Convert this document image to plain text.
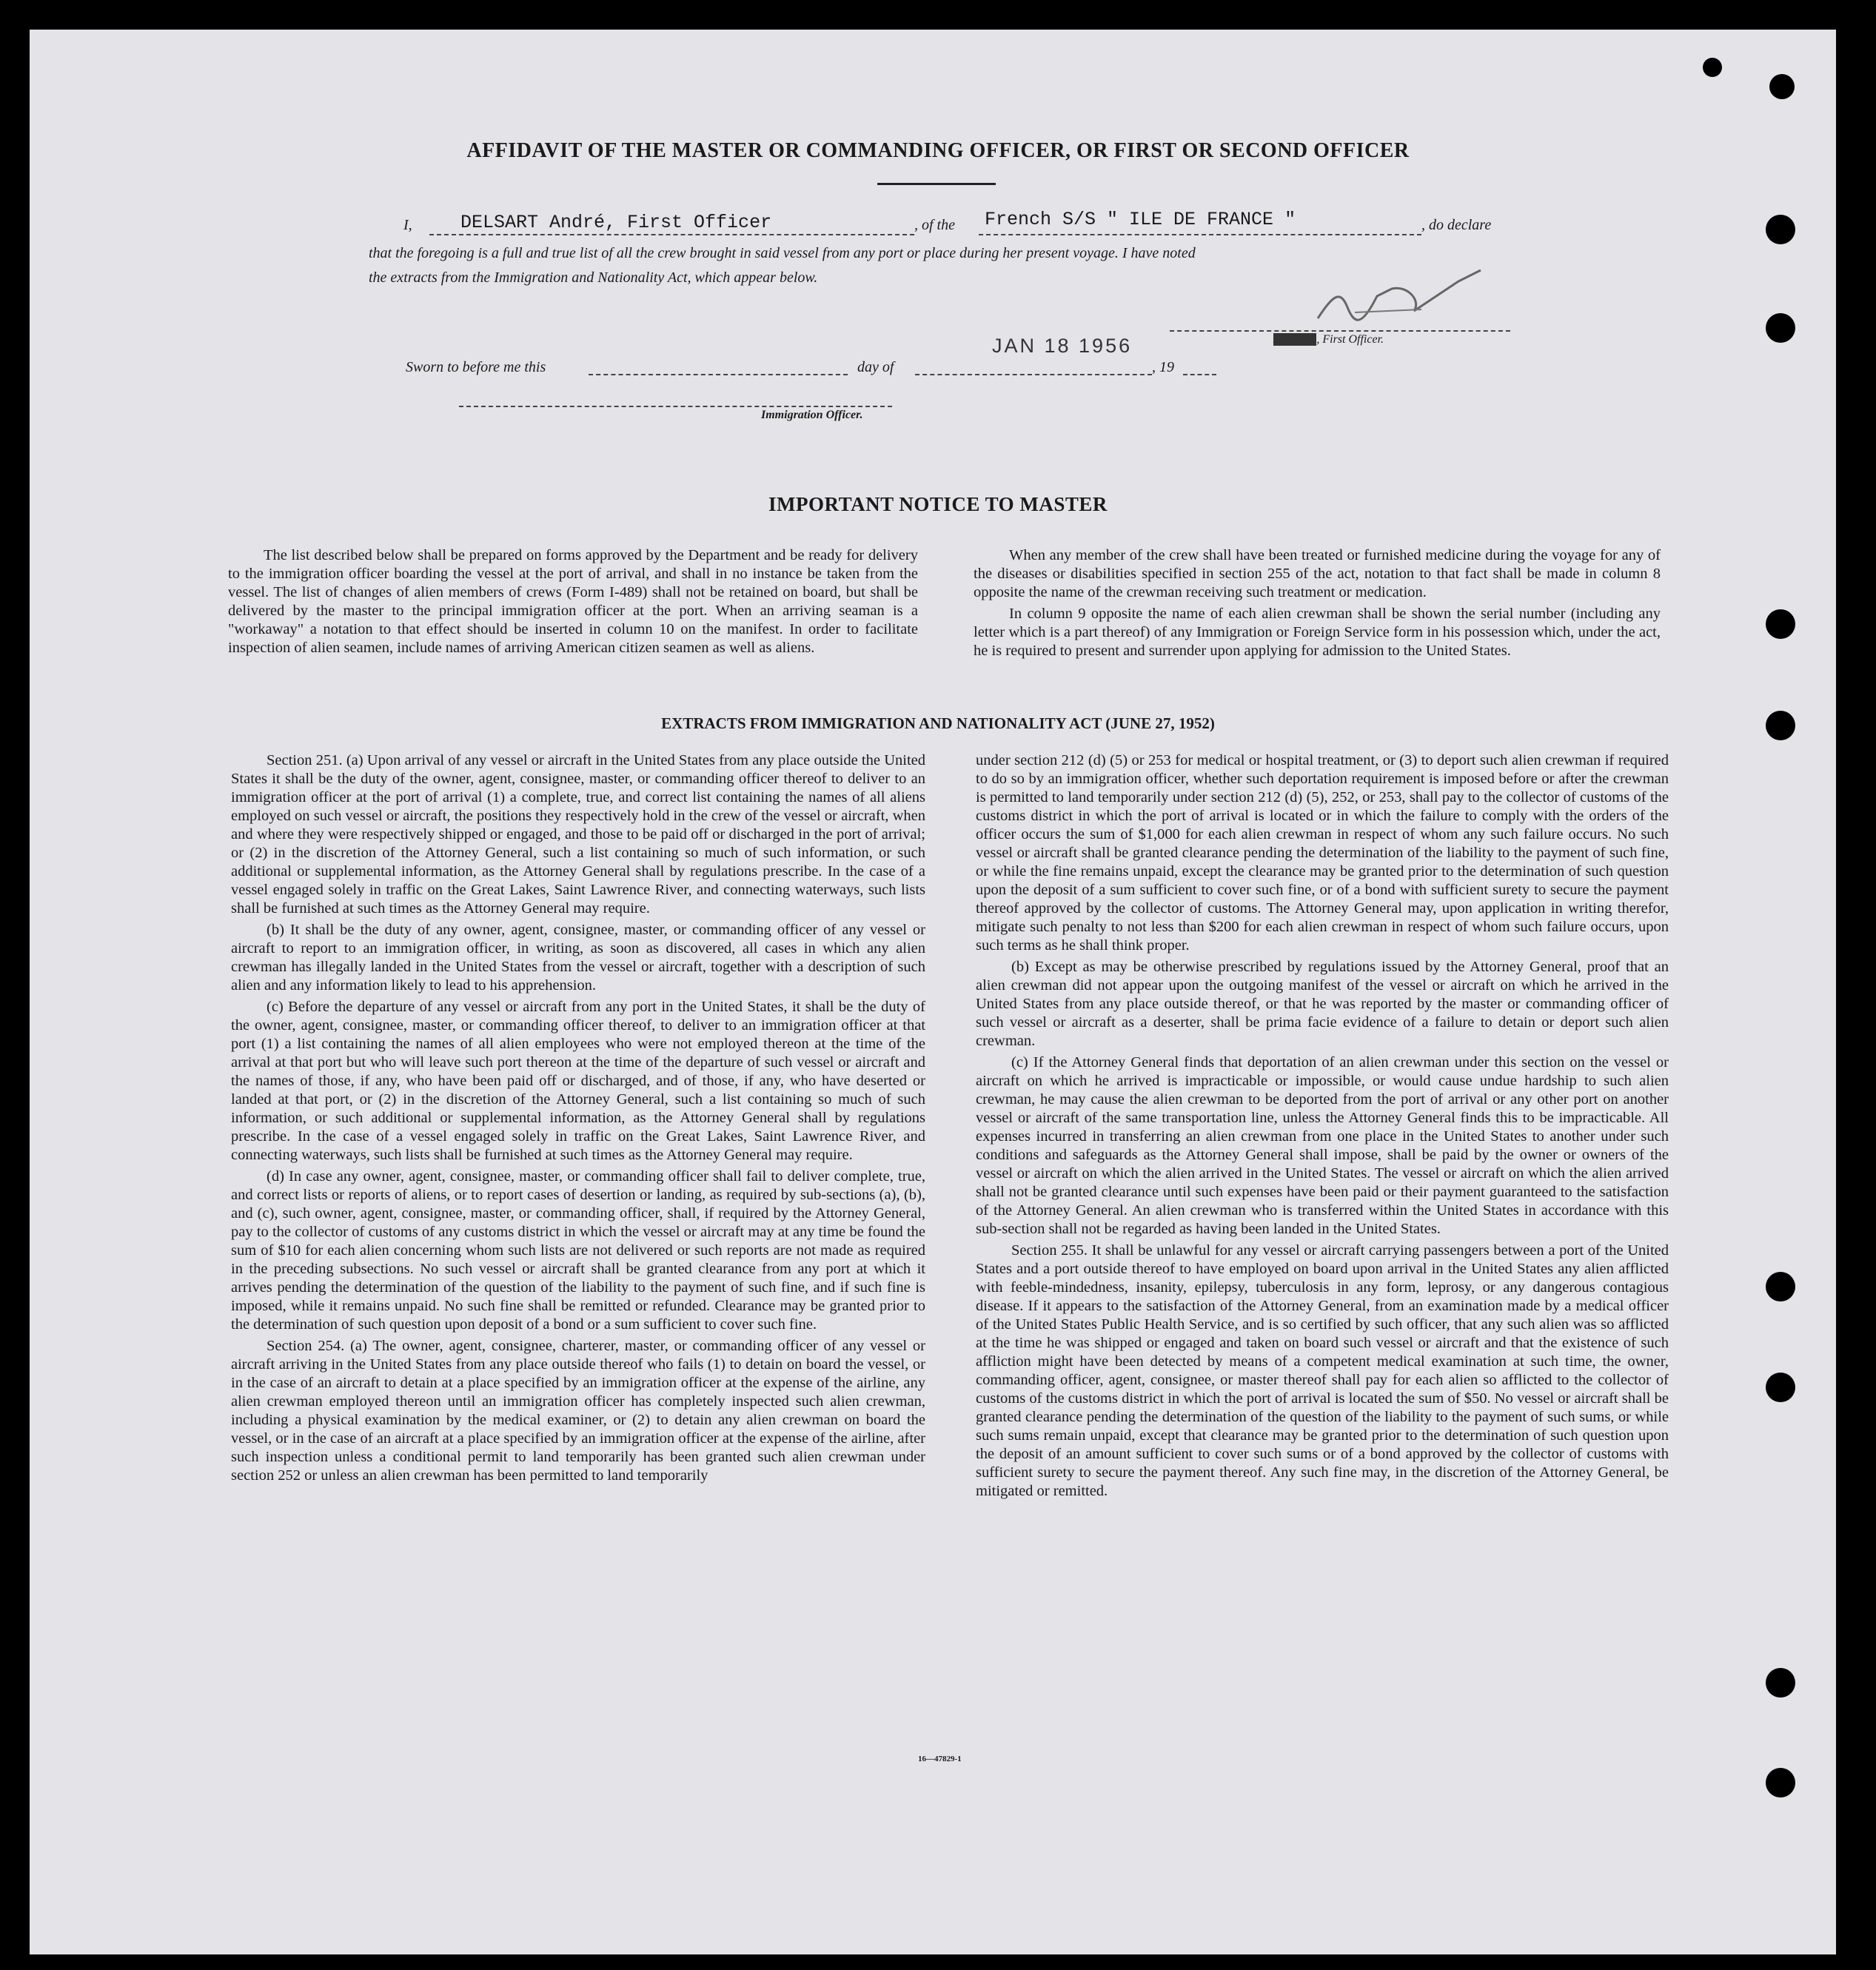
AFFIDAVIT OF THE MASTER OR COMMANDING OFFICER, OR FIRST OR SECOND OFFICER
I,	DELSART André, First Officer	, of the French S/S " ILE DE FRANCE "	, do declare
that the foregoing is a full and true list of all the crew brought in said vessel from any port or place during her present voyage. I have noted
the extracts from the Immigration and Nationality Act, which appear below.
XXXXX, First Officer.
Sworn to before me this	day of
JAN 18 1956
, 19
Immigration Officer.
IMPORTANT NOTICE TO MASTER

The list described below shall be prepared on forms approved by the Department and be ready for delivery to the immigration officer boarding the vessel at the port of arrival, and shall in no instance be taken from the vessel. The list of changes of alien members of crews (Form I-489) shall not be retained on board, but shall be delivered by the master to the principal immigration officer at the port. When an arriving seaman is a "workaway" a notation to that effect should be inserted in column 10 on the manifest. In order to facilitate inspection of alien seamen, include names of arriving American citizen seamen as well as aliens.

When any member of the crew shall have been treated or furnished medicine during the voyage for any of the diseases or disabilities specified in section 255 of the act, notation to that fact shall be made in column 8 opposite the name of the crewman receiving such treatment or medication.

In column 9 opposite the name of each alien crewman shall be shown the serial number (including any letter which is a part thereof) of any Immigration or Foreign Service form in his possession which, under the act, he is required to present and surrender upon applying for admission to the United States.

EXTRACTS FROM IMMIGRATION AND NATIONALITY ACT (JUNE 27, 1952)

Section 251. (a) Upon arrival of any vessel or aircraft in the United States from any place outside the United States it shall be the duty of the owner, agent, consignee, master, or commanding officer thereof to deliver to an immigration officer at the port of arrival (1) a complete, true, and correct list containing the names of all aliens employed on such vessel or aircraft, the positions they respectively hold in the crew of the vessel or aircraft, when and where they were respectively shipped or engaged, and those to be paid off or discharged in the port of arrival; or (2) in the discretion of the Attorney General, such a list containing so much of such information, or such additional or supplemental information, as the Attorney General shall by regulations prescribe. In the case of a vessel engaged solely in traffic on the Great Lakes, Saint Lawrence River, and connecting waterways, such lists shall be furnished at such times as the Attorney General may require.

(b) It shall be the duty of any owner, agent, consignee, master, or commanding officer of any vessel or aircraft to report to an immigration officer, in writing, as soon as discovered, all cases in which any alien crewman has illegally landed in the United States from the vessel or aircraft, together with a description of such alien and any information likely to lead to his apprehension.

(c) Before the departure of any vessel or aircraft from any port in the United States, it shall be the duty of the owner, agent, consignee, master, or commanding officer thereof, to deliver to an immigration officer at that port (1) a list containing the names of all alien employees who were not employed thereon at the time of the arrival at that port but who will leave such port thereon at the time of the departure of such vessel or aircraft and the names of those, if any, who have been paid off or discharged, and of those, if any, who have deserted or landed at that port, or (2) in the discretion of the Attorney General, such a list containing so much of such information, or such additional or supplemental information, as the Attorney General shall by regulations prescribe. In the case of a vessel engaged solely in traffic on the Great Lakes, Saint Lawrence River, and connecting waterways, such lists shall be furnished at such times as the Attorney General may require.

(d) In case any owner, agent, consignee, master, or commanding officer shall fail to deliver complete, true, and correct lists or reports of aliens, or to report cases of desertion or landing, as required by sub-sections (a), (b), and (c), such owner, agent, consignee, master, or commanding officer, shall, if required by the Attorney General, pay to the collector of customs of any customs district in which the vessel or aircraft may at any time be found the sum of $10 for each alien concerning whom such lists are not delivered or such reports are not made as required in the preceding subsections. No such vessel or aircraft shall be granted clearance from any port at which it arrives pending the determination of the question of the liability to the payment of such fine, and if such fine is imposed, while it remains unpaid. No such fine shall be remitted or refunded. Clearance may be granted prior to the determination of such question upon deposit of a bond or a sum sufficient to cover such fine.

Section 254. (a) The owner, agent, consignee, charterer, master, or commanding officer of any vessel or aircraft arriving in the United States from any place outside thereof who fails (1) to detain on board the vessel, or in the case of an aircraft to detain at a place specified by an immigration officer at the expense of the airline, any alien crewman employed thereon until an immigration officer has completely inspected such alien crewman, including a physical examination by the medical examiner, or (2) to detain any alien crewman on board the vessel, or in the case of an aircraft at a place specified by an immigration officer at the expense of the airline, after such inspection unless a conditional permit to land temporarily has been granted such alien crewman under section 252 or unless an alien crewman has been permitted to land temporarily

under section 212 (d) (5) or 253 for medical or hospital treatment, or (3) to deport such alien crewman if required to do so by an immigration officer, whether such deportation requirement is imposed before or after the crewman is permitted to land temporarily under section 212 (d) (5), 252, or 253, shall pay to the collector of customs of the customs district in which the port of arrival is located or in which the failure to comply with the orders of the officer occurs the sum of $1,000 for each alien crewman in respect of whom any such failure occurs. No such vessel or aircraft shall be granted clearance pending the determination of the liability to the payment of such fine, or while the fine remains unpaid, except the clearance may be granted prior to the determination of such question upon the deposit of a sum sufficient to cover such fine, or of a bond with sufficient surety to secure the payment thereof approved by the collector of customs. The Attorney General may, upon application in writing therefor, mitigate such penalty to not less than $200 for each alien crewman in respect of whom such failure occurs, upon such terms as he shall think proper.

(b) Except as may be otherwise prescribed by regulations issued by the Attorney General, proof that an alien crewman did not appear upon the outgoing manifest of the vessel or aircraft on which he arrived in the United States from any place outside thereof, or that he was reported by the master or commanding officer of such vessel or aircraft as a deserter, shall be prima facie evidence of a failure to detain or deport such alien crewman.

(c) If the Attorney General finds that deportation of an alien crewman under this section on the vessel or aircraft on which he arrived is impracticable or impossible, or would cause undue hardship to such alien crewman, he may cause the alien crewman to be deported from the port of arrival or any other port on another vessel or aircraft of the same transportation line, unless the Attorney General finds this to be impracticable. All expenses incurred in transferring an alien crewman from one place in the United States to another under such conditions and safeguards as the Attorney General shall impose, shall be paid by the owner or owners of the vessel or aircraft on which the alien arrived in the United States. The vessel or aircraft on which the alien arrived shall not be granted clearance until such expenses have been paid or their payment guaranteed to the satisfaction of the Attorney General. An alien crewman who is transferred within the United States in accordance with this sub-section shall not be regarded as having been landed in the United States.

Section 255. It shall be unlawful for any vessel or aircraft carrying passengers between a port of the United States and a port outside thereof to have employed on board upon arrival in the United States any alien afflicted with feeble-mindedness, insanity, epilepsy, tuberculosis in any form, leprosy, or any dangerous contagious disease. If it appears to the satisfaction of the Attorney General, from an examination made by a medical officer of the United States Public Health Service, and is so certified by such officer, that any such alien was so afflicted at the time he was shipped or engaged and taken on board such vessel or aircraft and that the existence of such affliction might have been detected by means of a competent medical examination at such time, the owner, commanding officer, agent, consignee, or master thereof shall pay for each alien so afflicted to the collector of customs of the customs district in which the port of arrival is located the sum of $50. No vessel or aircraft shall be granted clearance pending the determination of the question of the liability to the payment of such sums, or while such sums remain unpaid, except that clearance may be granted prior to the determination of such question upon the deposit of an amount sufficient to cover such sums or of a bond approved by the collector of customs with sufficient surety to secure the payment thereof. Any such fine may, in the discretion of the Attorney General, be mitigated or remitted.

16—47829-1
